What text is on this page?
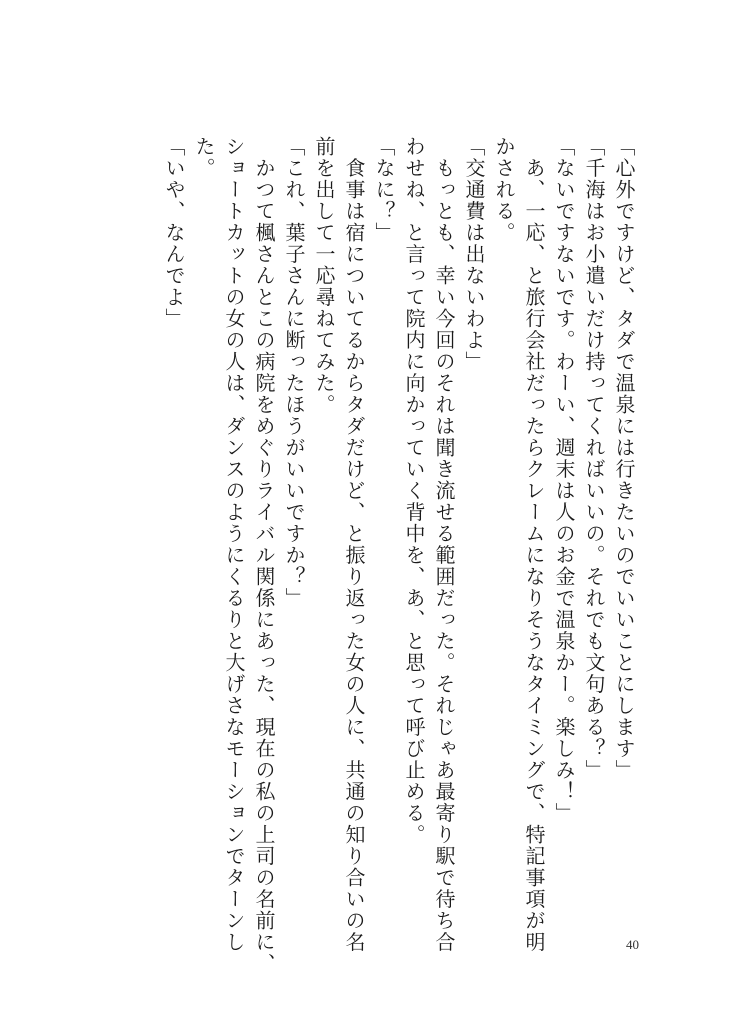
「心外ですけど、タダで温泉には行きたいのでいいことにします」
「千海はお小遣いだけ持ってくればいいの。それでも文句ある？」
「ないですないです。わーい、週末は人のお金で温泉かー。楽しみ！」
　あ、一応、と旅行会社だったらクレームになりそうなタイミングで、特記事項が明
かされる。
「交通費は出ないわよ」
　もっとも、幸い今回のそれは聞き流せる範囲だった。それじゃあ最寄り駅で待ち合
わせね、と言って院内に向かっていく背中を、あ、と思って呼び止める。
「なに？」
　食事は宿についてるからタダだけど、と振り返った女の人に、共通の知り合いの名
前を出して一応尋ねてみた。
「これ、葉子さんに断ったほうがいいですか？」
　かつて楓さんとこの病院をめぐりライバル関係にあった、現在の私の上司の名前に、
ショートカットの女の人は、ダンスのようにくるりと大げさなモーションでターンし
た。
「いや、なんでよ」
40
